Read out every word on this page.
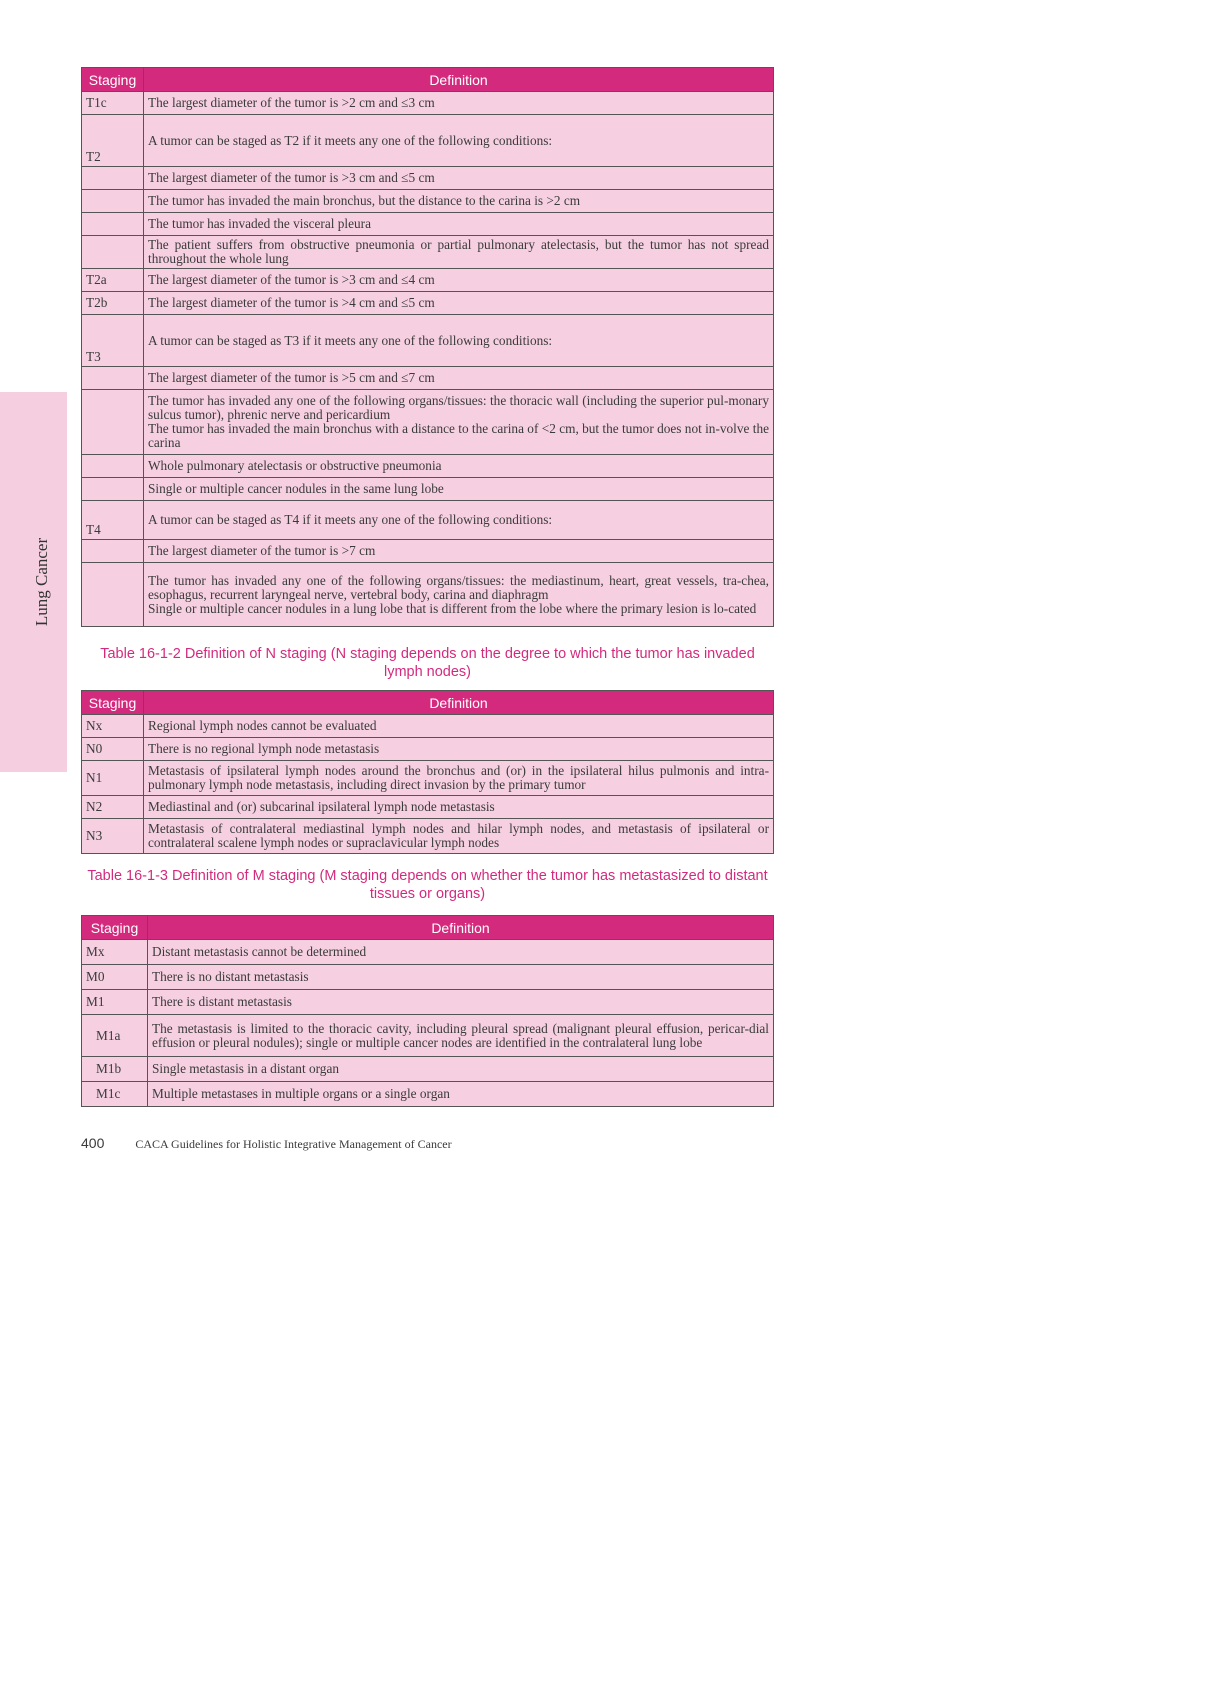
Lung Cancer
Staging	Definition
T1c	The largest diameter of the tumor is >2 cm and ≤3 cm
T2	A tumor can be staged as T2 if it meets any one of the following conditions:
	The largest diameter of the tumor is >3 cm and ≤5 cm
	The tumor has invaded the main bronchus, but the distance to the carina is >2 cm
	The tumor has invaded the visceral pleura
	The patient suffers from obstructive pneumonia or partial pulmonary atelectasis, but the tumor has not spread throughout the whole lung
T2a	The largest diameter of the tumor is >3 cm and ≤4 cm
T2b	The largest diameter of the tumor is >4 cm and ≤5 cm
T3	A tumor can be staged as T3 if it meets any one of the following conditions:
	The largest diameter of the tumor is >5 cm and ≤7 cm

	The tumor has invaded any one of the following organs/tissues: the thoracic wall (including the superior pul-monary sulcus tumor), phrenic nerve and pericardium
The tumor has invaded the main bronchus with a distance to the carina of <2 cm, but the tumor does not in-volve the carina

	Whole pulmonary atelectasis or obstructive pneumonia
	Single or multiple cancer nodules in the same lung lobe
T4	A tumor can be staged as T4 if it meets any one of the following conditions:
	The largest diameter of the tumor is >7 cm

	The tumor has invaded any one of the following organs/tissues: the mediastinum, heart, great vessels, tra-chea, esophagus, recurrent laryngeal nerve, vertebral body, carina and diaphragm
Single or multiple cancer nodules in a lung lobe that is different from the lobe where the primary lesion is lo-cated
Table 16-1-2 Definition of N staging (N staging depends on the degree to which the tumor has invaded lymph nodes)
Staging	Definition
Nx	Regional lymph nodes cannot be evaluated
N0	There is no regional lymph node metastasis
N1	Metastasis of ipsilateral lymph nodes around the bronchus and (or) in the ipsilateral hilus pulmonis and intra-pulmonary lymph node metastasis, including direct invasion by the primary tumor
N2	Mediastinal and (or) subcarinal ipsilateral lymph node metastasis
N3	Metastasis of contralateral mediastinal lymph nodes and hilar lymph nodes, and metastasis of ipsilateral or contralateral scalene lymph nodes or supraclavicular lymph nodes
Table 16-1-3 Definition of M staging (M staging depends on whether the tumor has metastasized to distant tissues or organs)
Staging	Definition
Mx	Distant metastasis cannot be determined
M0	There is no distant metastasis
M1	There is distant metastasis
M1a	The metastasis is limited to the thoracic cavity, including pleural spread (malignant pleural effusion, pericar-dial effusion or pleural nodules); single or multiple cancer nodes are identified in the contralateral lung lobe
M1b	Single metastasis in a distant organ
M1c	Multiple metastases in multiple organs or a single organ
400	CACA Guidelines for Holistic Integrative Management of Cancer
